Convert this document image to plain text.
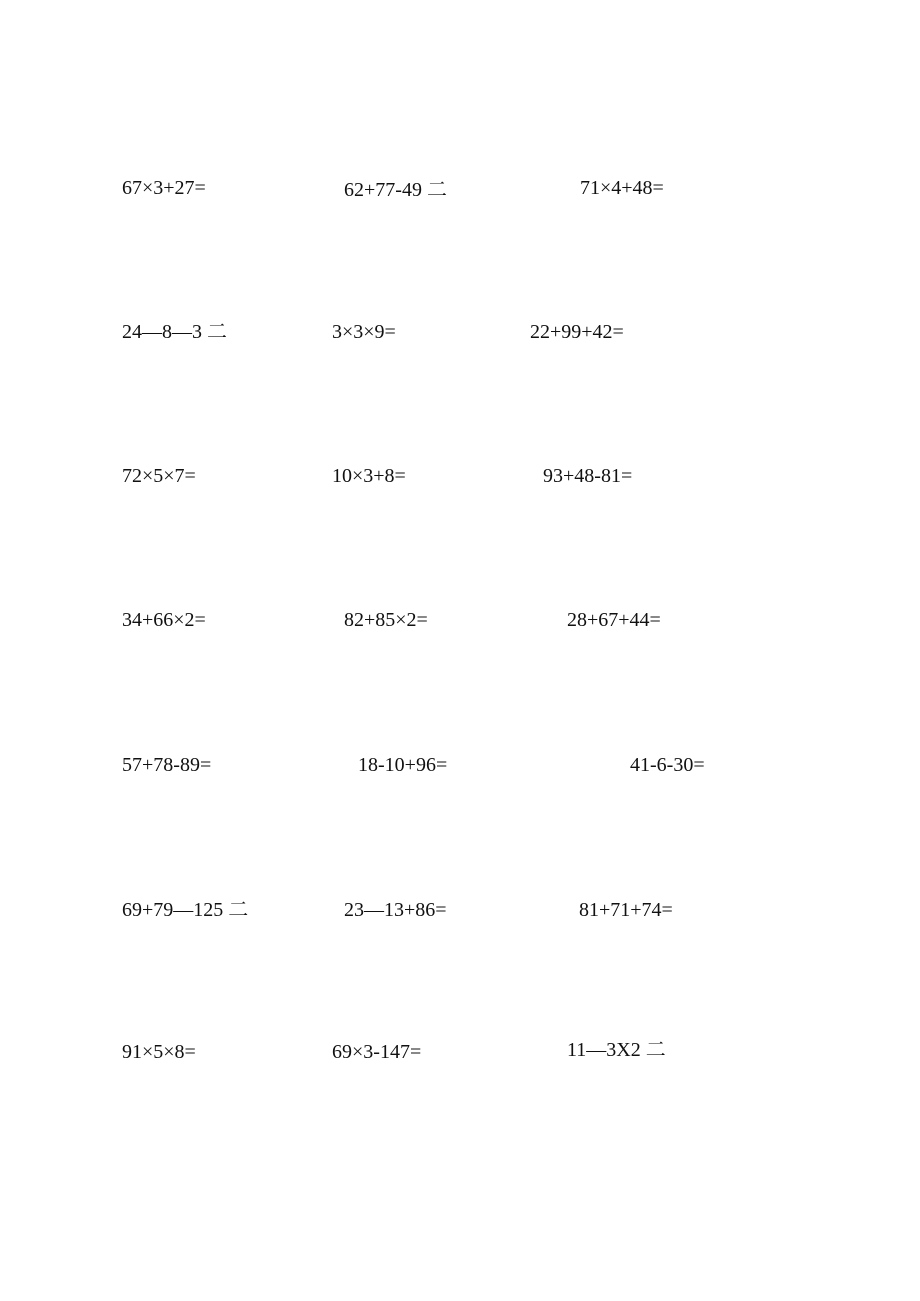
67×3+27=	62+77-49 二	71×4+48=
24—8—3 二	3×3×9=	22+99+42=
72×5×7=	10×3+8=	93+48-81=
34+66×2=	82+85×2=	28+67+44=
57+78-89=	18-10+96=	41-6-30=
69+79—125 二	23—13+86=	81+71+74=
91×5×8=	69×3-147=	11—3X2 二
